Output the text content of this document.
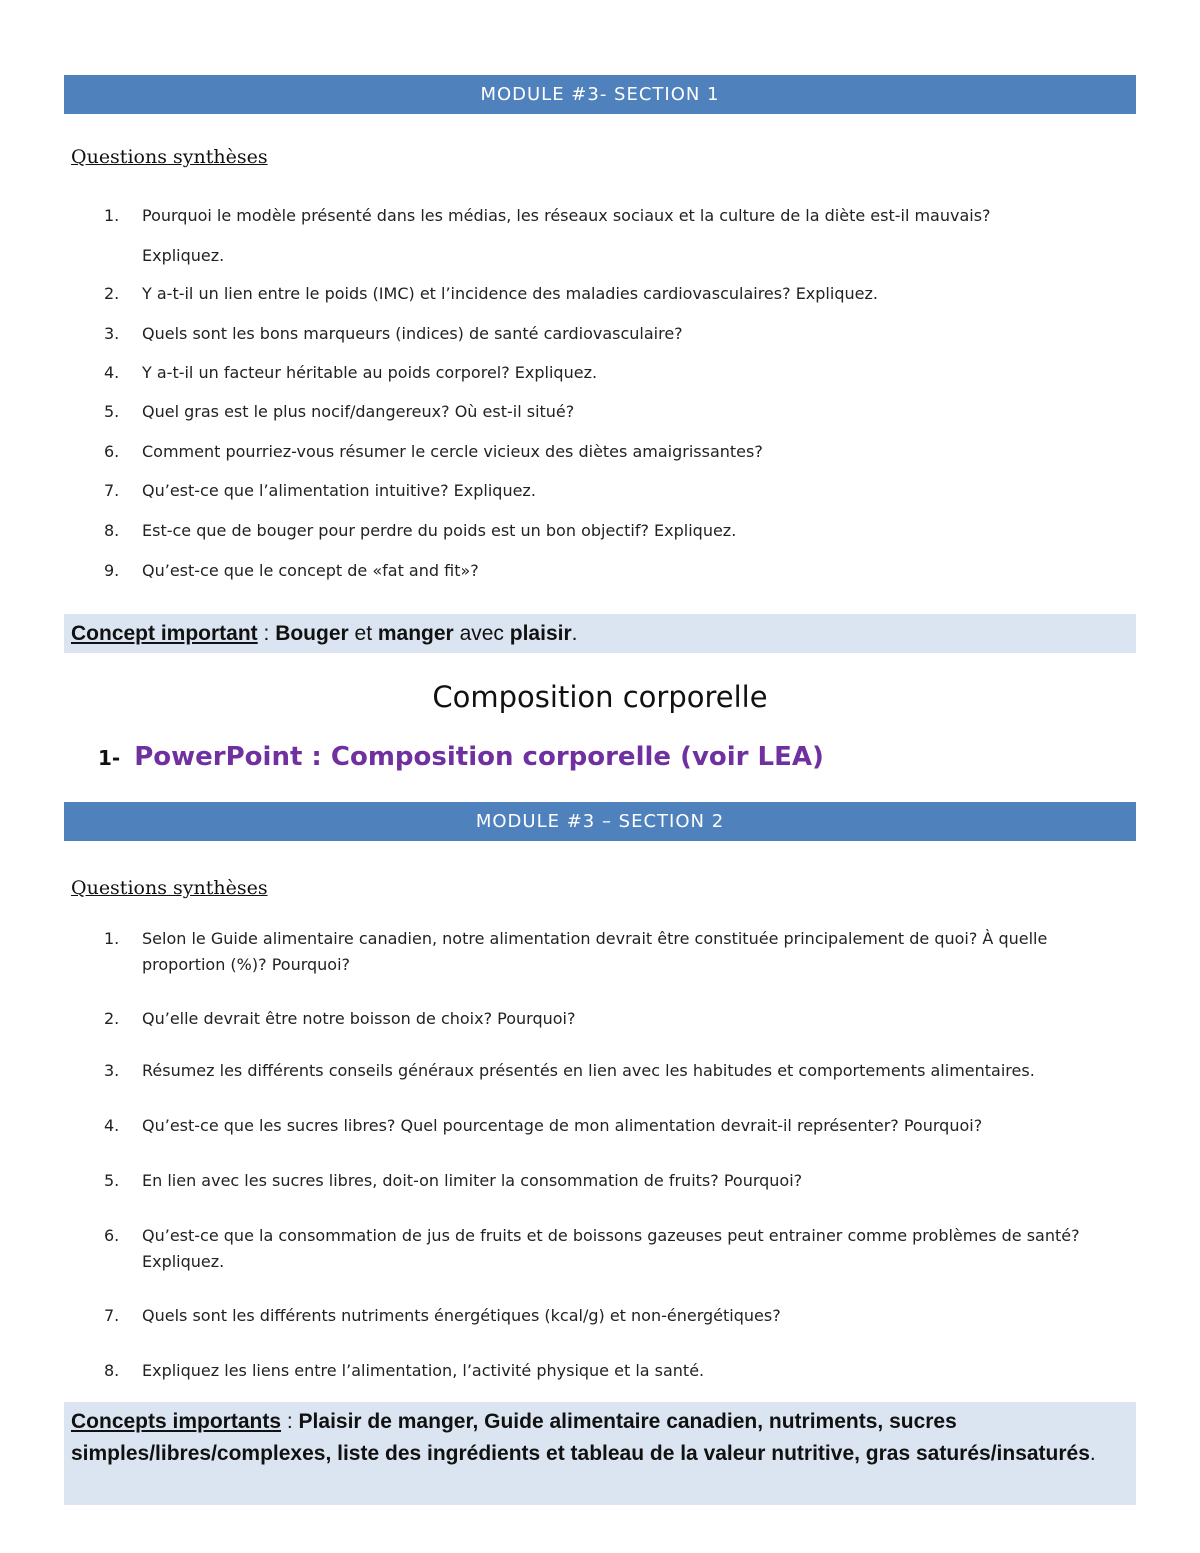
MODULE #3- SECTION 1
Questions synthèses
1.	Pourquoi le modèle présenté dans les médias, les réseaux sociaux et la culture de la diète est-il mauvais?
Expliquez.
2.	Y a-t-il un lien entre le poids (IMC) et l’incidence des maladies cardiovasculaires? Expliquez.
3.	Quels sont les bons marqueurs (indices) de santé cardiovasculaire?
4.	Y a-t-il un facteur héritable au poids corporel? Expliquez.
5.	Quel gras est le plus nocif/dangereux? Où est-il situé?
6.	Comment pourriez-vous résumer le cercle vicieux des diètes amaigrissantes?
7.	Qu’est-ce que l’alimentation intuitive? Expliquez.
8.	Est-ce que de bouger pour perdre du poids est un bon objectif? Expliquez.
9.	Qu’est-ce que le concept de «fat and fit»?
Concept important : Bouger et manger avec plaisir.
Composition corporelle
1- PowerPoint : Composition corporelle (voir LEA)
MODULE #3 – SECTION 2
Questions synthèses
1.	Selon le Guide alimentaire canadien, notre alimentation devrait être constituée principalement de quoi? À quelle proportion (%)? Pourquoi?
2.	Qu’elle devrait être notre boisson de choix? Pourquoi?
3.	Résumez les différents conseils généraux présentés en lien avec les habitudes et comportements alimentaires.
4.	Qu’est-ce que les sucres libres? Quel pourcentage de mon alimentation devrait-il représenter? Pourquoi?
5.	En lien avec les sucres libres, doit-on limiter la consommation de fruits? Pourquoi?
6.	Qu’est-ce que la consommation de jus de fruits et de boissons gazeuses peut entrainer comme problèmes de santé? Expliquez.
7.	Quels sont les différents nutriments énergétiques (kcal/g) et non-énergétiques?
8.	Expliquez les liens entre l’alimentation, l’activité physique et la santé.
Concepts importants : Plaisir de manger, Guide alimentaire canadien, nutriments, sucres simples/libres/complexes, liste des ingrédients et tableau de la valeur nutritive, gras saturés/insaturés.
